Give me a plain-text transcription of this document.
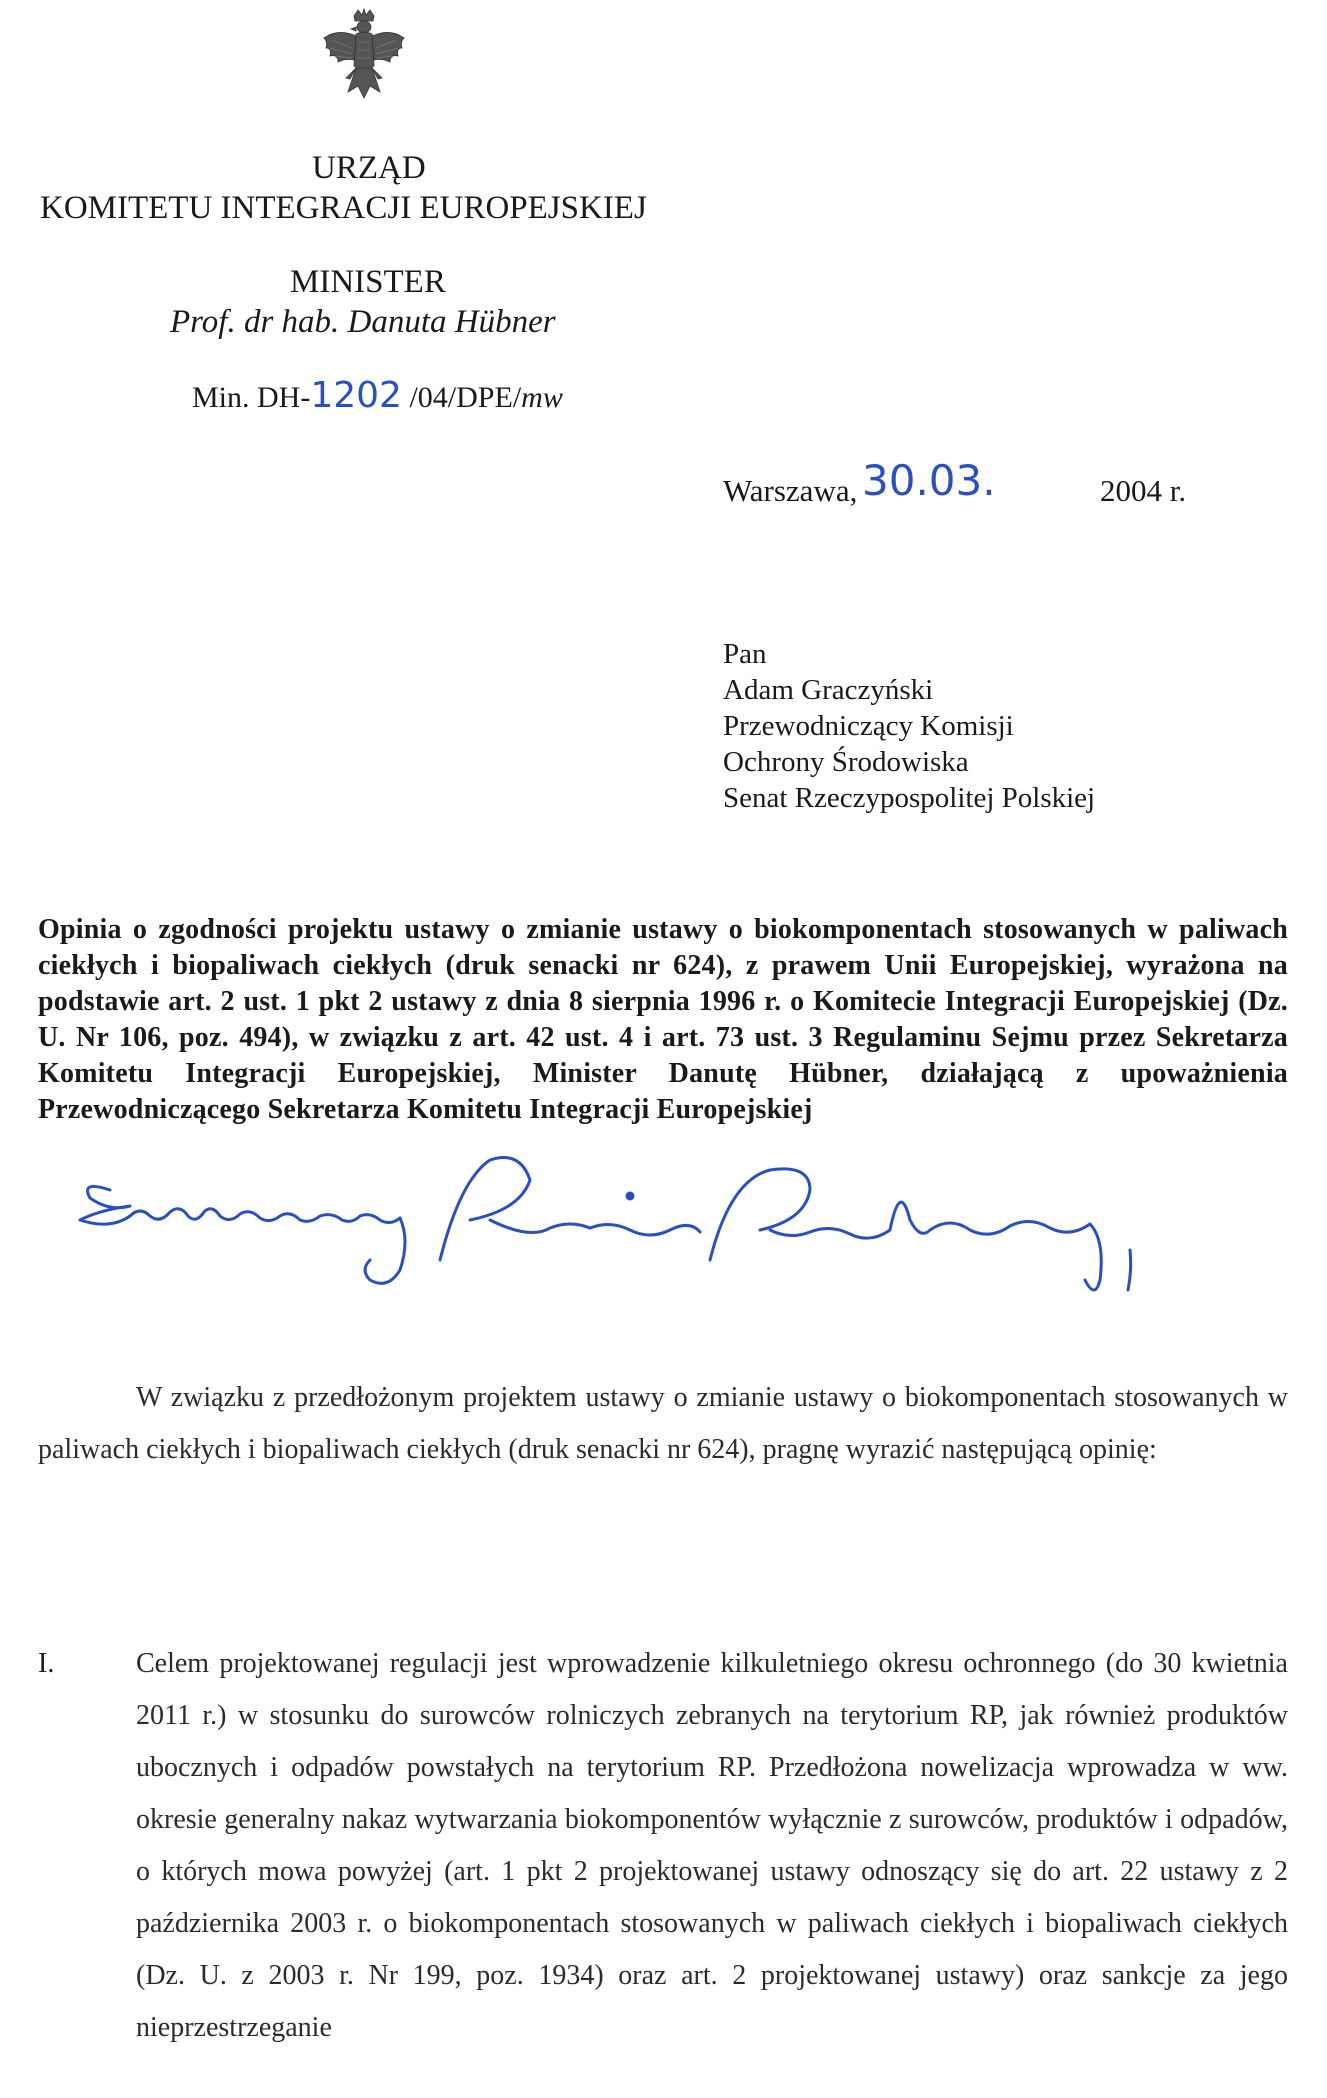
URZĄD
KOMITETU INTEGRACJI EUROPEJSKIEJ
MINISTER
Prof. dr hab. Danuta Hübner
Min. DH-1202 /04/DPE/mw
Warszawa, 30.03.	2004 r.
Pan
Adam Graczyński
Przewodniczący Komisji
Ochrony Środowiska
Senat Rzeczypospolitej Polskiej
Opinia o zgodności projektu ustawy o zmianie ustawy o biokomponentach stosowanych w paliwach ciekłych i biopaliwach ciekłych (druk senacki nr 624), z prawem Unii Europejskiej, wyrażona na podstawie art. 2 ust. 1 pkt 2 ustawy z dnia 8 sierpnia 1996 r. o Komitecie Integracji Europejskiej (Dz. U. Nr 106, poz. 494), w związku z art. 42 ust. 4 i art. 73 ust. 3 Regulaminu Sejmu przez Sekretarza Komitetu Integracji Europejskiej, Minister Danutę Hübner, działającą z upoważnienia Przewodniczącego Sekretarza Komitetu Integracji Europejskiej
W związku z przedłożonym projektem ustawy o zmianie ustawy o biokomponentach stosowanych w paliwach ciekłych i biopaliwach ciekłych (druk senacki nr 624), pragnę wyrazić następującą opinię:
I.	Celem projektowanej regulacji jest wprowadzenie kilkuletniego okresu ochronnego (do 30 kwietnia 2011 r.) w stosunku do surowców rolniczych zebranych na terytorium RP, jak również produktów ubocznych i odpadów powstałych na terytorium RP. Przedłożona nowelizacja wprowadza w ww. okresie generalny nakaz wytwarzania biokomponentów wyłącznie z surowców, produktów i odpadów, o których mowa powyżej (art. 1 pkt 2 projektowanej ustawy odnoszący się do art. 22 ustawy z 2 października 2003 r. o biokomponentach stosowanych w paliwach ciekłych i biopaliwach ciekłych (Dz. U. z 2003 r. Nr 199, poz. 1934) oraz art. 2 projektowanej ustawy) oraz sankcje za jego nieprzestrzeganie
